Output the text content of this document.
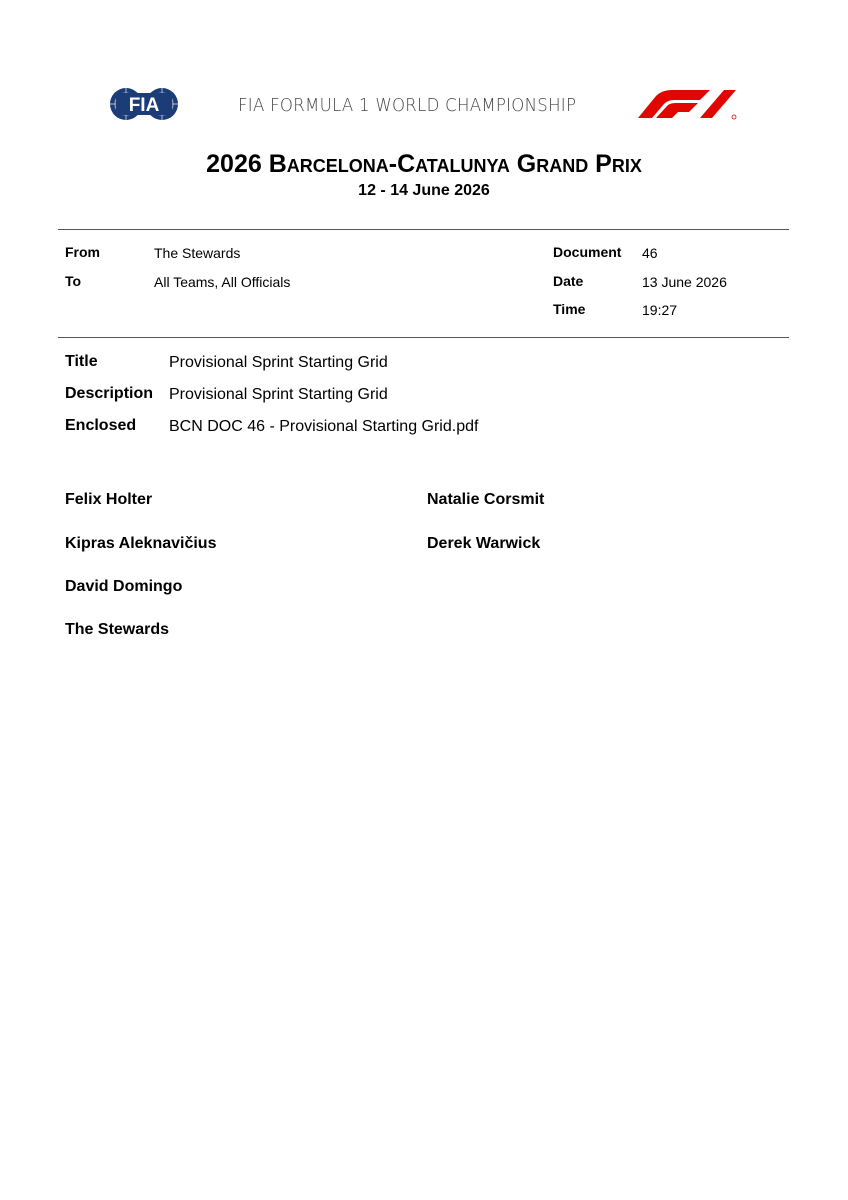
FIA	FIA FORMULA 1 WORLD CHAMPIONSHIP
2026 Barcelona-Catalunya Grand Prix
12 - 14 June 2026
From	The Stewards
To	All Teams, All Officials
Document 46
Date	13 June 2026
Time	19:27
Title	Provisional Sprint Starting Grid
Description Provisional Sprint Starting Grid
Enclosed BCN DOC 46 - Provisional Starting Grid.pdf
Felix Holter
Kipras Aleknavičius
David Domingo
The Stewards
Natalie Corsmit
Derek Warwick
